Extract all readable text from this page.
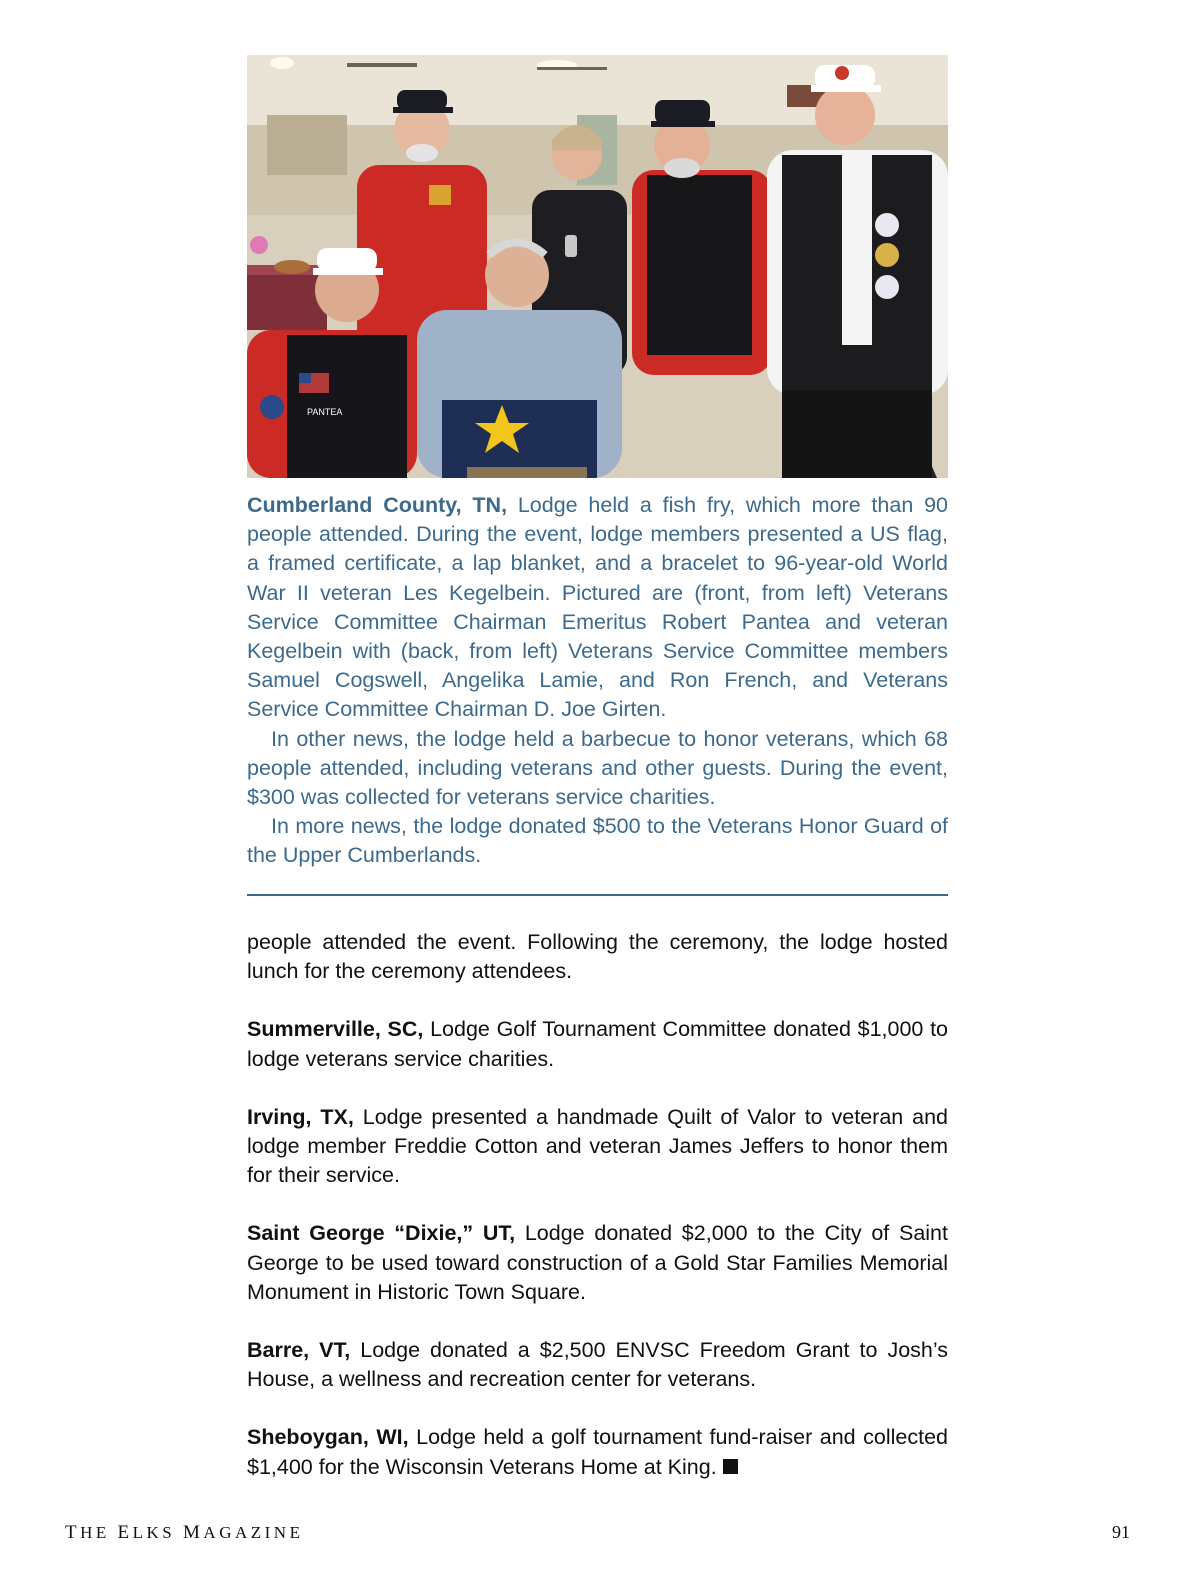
PANTEA

Cumberland County, TN, Lodge held a fish fry, which more than 90 people attended. During the event, lodge members presented a US flag, a framed certificate, a lap blanket, and a bracelet to 96-year-old World War II veteran Les Kegelbein. Pictured are (front, from left) Veterans Service Committee Chairman Emeritus Robert Pantea and veteran Kegelbein with (back, from left) Veterans Service Committee members Samuel Cogswell, Angelika Lamie, and Ron French, and Veterans Service Committee Chairman D. Joe Girten.

In other news, the lodge held a barbecue to honor veterans, which 68 people attended, including veterans and other guests. During the event, $300 was collected for veterans service charities.

In more news, the lodge donated $500 to the Veterans Honor Guard of the Upper Cumberlands.

people attended the event. Following the ceremony, the lodge hosted lunch for the ceremony attendees.

Summerville, SC, Lodge Golf Tournament Committee donated $1,000 to lodge veterans service charities.

Irving, TX, Lodge presented a handmade Quilt of Valor to veteran and lodge member Freddie Cotton and veteran James Jeffers to honor them for their service.

Saint George “Dixie,” UT, Lodge donated $2,000 to the City of Saint George to be used toward construction of a Gold Star Families Memorial Monument in Historic Town Square.

Barre, VT, Lodge donated a $2,500 ENVSC Freedom Grant to Josh’s House, a wellness and recreation center for veterans.

Sheboygan, WI, Lodge held a golf tournament fund-raiser and collected $1,400 for the Wisconsin Veterans Home at King.

THE ELKS MAGAZINE	91
